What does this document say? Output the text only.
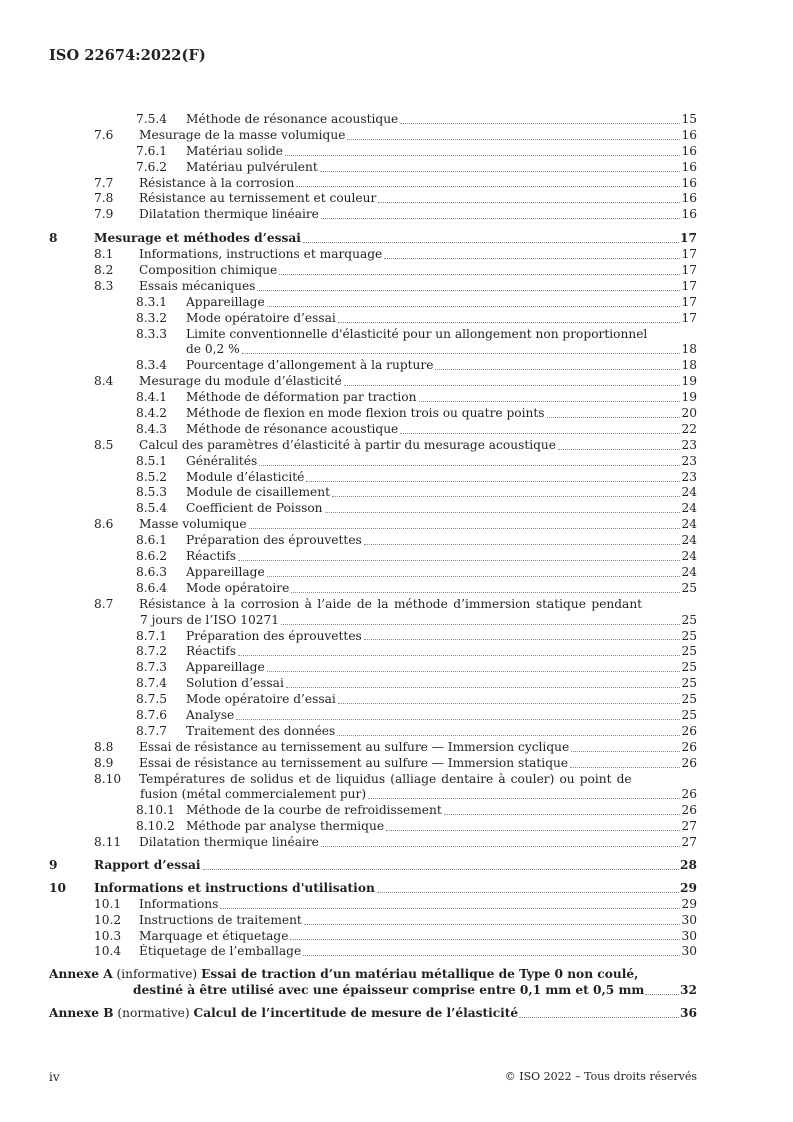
ISO 22674:2022(F)
7.5.4	Méthode de résonance acoustique	15
7.6	Mesurage de la masse volumique	16
7.6.1	Matériau solide	16
7.6.2	Matériau pulvérulent	16
7.7	Résistance à la corrosion	16
7.8	Résistance au ternissement et couleur	16
7.9	Dilatation thermique linéaire	16
8	Mesurage et méthodes d’essai	17
8.1	Informations, instructions et marquage	17
8.2	Composition chimique	17
8.3	Essais mécaniques	17
8.3.1	Appareillage	17
8.3.2	Mode opératoire d’essai	17
8.3.3	Limite conventionnelle d'élasticité pour un allongement non proportionnel
de 0,2 %	18
8.3.4	Pourcentage d’allongement à la rupture	18
8.4	Mesurage du module d’élasticité	19
8.4.1	Méthode de déformation par traction	19
8.4.2	Méthode de flexion en mode flexion trois ou quatre points	20
8.4.3	Méthode de résonance acoustique	22
8.5	Calcul des paramètres d’élasticité à partir du mesurage acoustique	23
8.5.1	Généralités	23
8.5.2	Module d’élasticité	23
8.5.3	Module de cisaillement	24
8.5.4	Coefficient de Poisson	24
8.6	Masse volumique	24
8.6.1	Préparation des éprouvettes	24
8.6.2	Réactifs	24
8.6.3	Appareillage	24
8.6.4	Mode opératoire	25
8.7	Résistance à la corrosion à l’aide de la méthode d’immersion statique pendant
7 jours de l’ISO 10271	25
8.7.1	Préparation des éprouvettes	25
8.7.2	Réactifs	25
8.7.3	Appareillage	25
8.7.4	Solution d’essai	25
8.7.5	Mode opératoire d’essai	25
8.7.6	Analyse	25
8.7.7	Traitement des données	26
8.8	Essai de résistance au ternissement au sulfure — Immersion cyclique	26
8.9	Essai de résistance au ternissement au sulfure — Immersion statique	26
8.10	Températures de solidus et de liquidus (alliage dentaire à couler) ou point de
fusion (métal commercialement pur)	26
8.10.1 Méthode de la courbe de refroidissement	26
8.10.2 Méthode par analyse thermique	27
8.11	Dilatation thermique linéaire	27
9	Rapport d’essai	28
10	Informations et instructions d'utilisation	29
10.1	Informations	29
10.2	Instructions de traitement	30
10.3	Marquage et étiquetage	30
10.4	Étiquetage de l’emballage	30
Annexe A
(informative)
Essai de traction d’un matériau métallique de Type 0 non coulé,
destiné à être utilisé avec une épaisseur comprise entre 0,1 mm et 0,5 mm	32
Annexe B
(normative)
Calcul de l’incertitude de mesure de l’élasticité	36
iv	© ISO 2022 – Tous droits réservés
